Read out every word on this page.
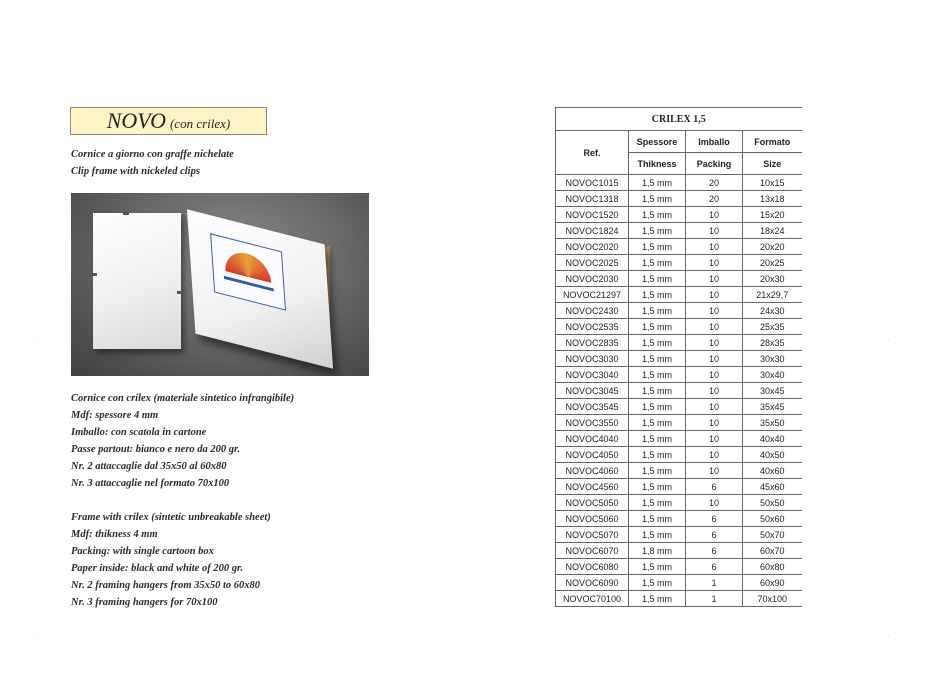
NOVO (con crilex)
Cornice a giorno con graffe nichelate
Clip frame with nickeled clips
Cornice con crilex (materiale sintetico infrangibile)
Mdf: spessore 4 mm
Imballo: con scatola in cartone
Passe partout: bianco e nero da 200 gr.
Nr. 2 attaccaglie dal 35x50 al 60x80
Nr. 3 attaccaglie nel formato 70x100
Frame with crilex (sintetic unbreakable sheet)
Mdf: thikness 4 mm
Packing: with single cartoon box
Paper inside: black and white of 200 gr.
Nr. 2 framing hangers from 35x50 to 60x80
Nr. 3 framing hangers for 70x100
CRILEX 1,5			
Ref.	Spessore	Imballo	Formato
	Thikness	Packing	Size
NOVOC1015	1,5 mm	20	10x15
NOVOC1318	1,5 mm	20	13x18
NOVOC1520	1,5 mm	10	15x20
NOVOC1824	1,5 mm	10	18x24
NOVOC2020	1,5 mm	10	20x20
NOVOC2025	1,5 mm	10	20x25
NOVOC2030	1,5 mm	10	20x30
NOVOC21297	1,5 mm	10	21x29,7
NOVOC2430	1,5 mm	10	24x30
NOVOC2535	1,5 mm	10	25x35
NOVOC2835	1,5 mm	10	28x35
NOVOC3030	1,5 mm	10	30x30
NOVOC3040	1,5 mm	10	30x40
NOVOC3045	1,5 mm	10	30x45
NOVOC3545	1,5 mm	10	35x45
NOVOC3550	1,5 mm	10	35x50
NOVOC4040	1,5 mm	10	40x40
NOVOC4050	1,5 mm	10	40x50
NOVOC4060	1,5 mm	10	40x60
NOVOC4560	1,5 mm	6	45x60
NOVOC5050	1,5 mm	10	50x50
NOVOC5060	1,5 mm	6	50x60
NOVOC5070	1,5 mm	6	50x70
NOVOC6070	1,8 mm	6	60x70
NOVOC6080	1,5 mm	6	60x80
NOVOC6090	1,5 mm	1	60x90
NOVOC70100	1,5 mm	1	70x100
.
.
.
.
